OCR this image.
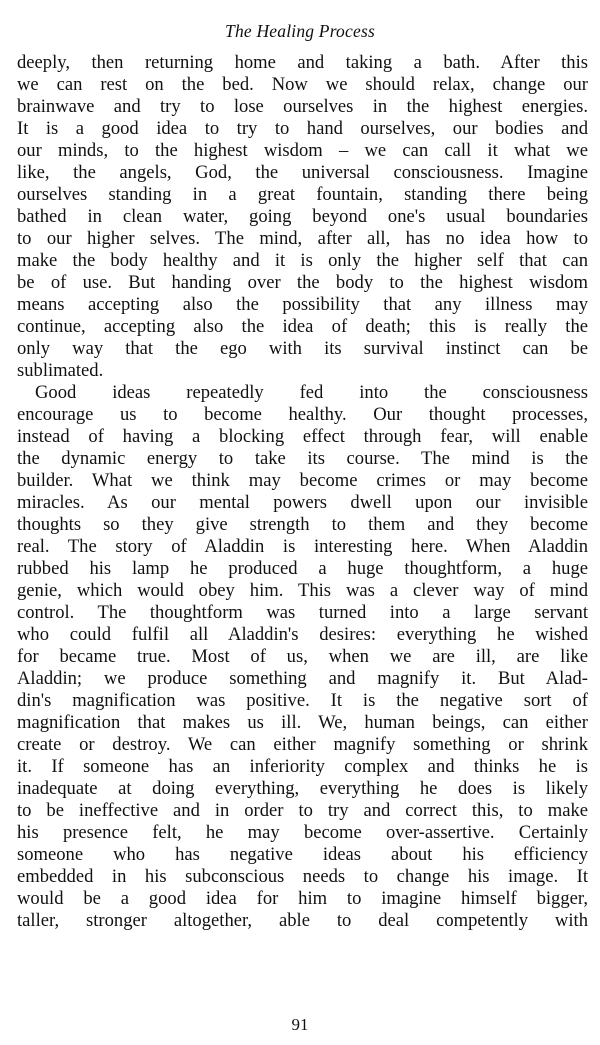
The Healing Process
deeply, then returning home and taking a bath. After this
we can rest on the bed. Now we should relax, change our
brainwave and try to lose ourselves in the highest energies.
It is a good idea to try to hand ourselves, our bodies and
our minds, to the highest wisdom – we can call it what we
like, the angels, God, the universal consciousness. Imagine
ourselves standing in a great fountain, standing there being
bathed in clean water, going beyond one's usual boundaries
to our higher selves. The mind, after all, has no idea how to
make the body healthy and it is only the higher self that can
be of use. But handing over the body to the highest wisdom
means accepting also the possibility that any illness may
continue, accepting also the idea of death; this is really the
only way that the ego with its survival instinct can be
sublimated.
Good ideas repeatedly fed into the consciousness
encourage us to become healthy. Our thought processes,
instead of having a blocking effect through fear, will enable
the dynamic energy to take its course. The mind is the
builder. What we think may become crimes or may become
miracles. As our mental powers dwell upon our invisible
thoughts so they give strength to them and they become
real. The story of Aladdin is interesting here. When Aladdin
rubbed his lamp he produced a huge thoughtform, a huge
genie, which would obey him. This was a clever way of mind
control. The thoughtform was turned into a large servant
who could fulfil all Aladdin's desires: everything he wished
for became true. Most of us, when we are ill, are like
Aladdin; we produce something and magnify it. But Alad-
din's magnification was positive. It is the negative sort of
magnification that makes us ill. We, human beings, can either
create or destroy. We can either magnify something or shrink
it. If someone has an inferiority complex and thinks he is
inadequate at doing everything, everything he does is likely
to be ineffective and in order to try and correct this, to make
his presence felt, he may become over-assertive. Certainly
someone who has negative ideas about his efficiency
embedded in his subconscious needs to change his image. It
would be a good idea for him to imagine himself bigger,
taller, stronger altogether, able to deal competently with
91
